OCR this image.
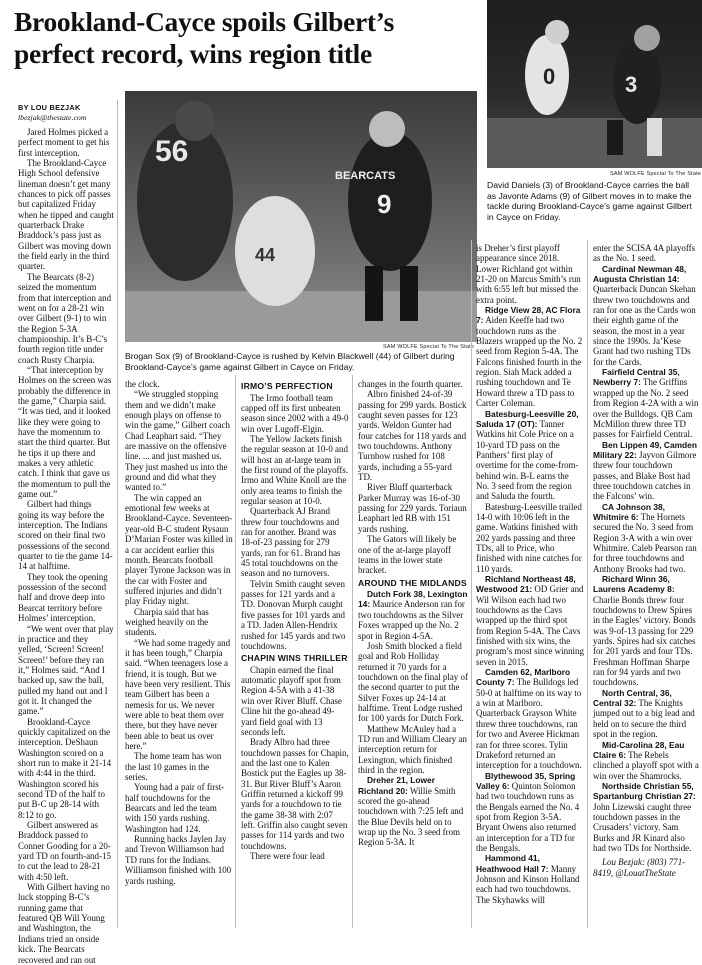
Brookland-Cayce spoils Gilbert’s perfect record, wins region title
0	3
SAM WOLFE Special To The State

David Daniels (3) of Brookland-Cayce carries the ball as Javonte Adams (9) of Gilbert moves in to make the tackle during Brookland-Cayce’s game against Gilbert in Cayce on Friday.

56
44
BEARCATS
9
SAM WOLFE Special To The State

Brogan Sox (9) of Brookland-Cayce is rushed by Kelvin Blackwell (44) of Gilbert during Brookland-Cayce’s game against Gilbert in Cayce on Friday.

BY LOU BEZJAK
lbezjak@thestate.com

Jared Holmes picked a perfect moment to get his first interception.

The Brookland-Cayce High School defensive lineman doesn’t get many chances to pick off passes but capitalized Friday when he tipped and caught quarterback Drake Braddock’s pass just as Gilbert was moving down the field early in the third quarter.

The Bearcats (8-2) seized the momentum from that interception and went on for a 28-21 win over Gilbert (9-1) to win the Region 5-3A championship. It’s B-C’s fourth region title under coach Rusty Charpia.

“That interception by Holmes on the screen was probably the difference in the game,” Charpia said. “It was tied, and it looked like they were going to have the momentum to start the third quarter. But he tips it up there and makes a very athletic catch. I think that gave us the momentum to pull the game out.”

Gilbert had things going its way before the interception. The Indians scored on their final two possessions of the second quarter to tie the game 14-14 at halftime.

They took the opening possession of the second half and drove deep into Bearcat territory before Holmes’ interception.

“We went over that play in practice and they yelled, ‘Screen! Screen! Screen!’ before they ran it,” Holmes said. “And I backed up, saw the ball, pulled my hand out and I got it. It changed the game.”

Brookland-Cayce quickly capitalized on the interception. DeShaun Washington scored on a short run to make it 21-14 with 4:44 in the third. Washington scored his second TD of the half to put B-C up 28-14 with 8:12 to go.

Gilbert answered as Braddock passed to Conner Gooding for a 20-yard TD on fourth-and-15 to cut the lead to 28-21 with 4:50 left.

With Gilbert having no luck stopping B-C’s running game that featured QB Will Young and Washington, the Indians tried an onside kick. The Bearcats recovered and ran out

the clock.

“We struggled stopping them and we didn’t make enough plays on offense to win the game,” Gilbert coach Chad Leaphart said. “They are massive on the offensive line. ... and just mashed us. They just mashed us into the ground and did what they wanted to.”

The win capped an emotional few weeks at Brookland-Cayce. Seventeen-year-old B-C student Rysaun D’Marian Foster was killed in a car accident earlier this month. Bearcats football player Tyrone Jackson was in the car with Foster and suffered injuries and didn’t play Friday night.

Charpia said that has weighed heavily on the students.

“We had some tragedy and it has been tough,” Charpia said. “When teenagers lose a friend, it is tough. But we have been very resilient. This team Gilbert has been a nemesis for us. We never were able to beat them over there, but they have never been able to beat us over here.”

The home team has won the last 10 games in the series.

Young had a pair of first-half touchdowns for the Bearcats and led the team with 150 yards rushing. Washington had 124.

Running backs Jaylen Jay and Trevon Williamson had TD runs for the Indians. Williamson finished with 100 yards rushing.

IRMO’S PERFECTION

The Irmo football team capped off its first unbeaten season since 2002 with a 49-0 win over Lugoff-Elgin.

The Yellow Jackets finish the regular season at 10-0 and will host an at-large team in the first round of the playoffs. Irmo and White Knoll are the only area teams to finish the regular season at 10-0.

Quarterback AJ Brand threw four touchdowns and ran for another. Brand was 18-of-23 passing for 279 yards, ran for 61. Brand has 45 total touchdowns on the season and no turnovers.

Telvin Smith caught seven passes for 121 yards and a TD. Donovan Murph caught five passes for 101 yards and a TD. Jaden Allen-Hendrix rushed for 145 yards and two touchdowns.

CHAPIN WINS THRILLER

Chapin earned the final automatic playoff spot from Region 4-5A with a 41-38 win over River Bluff. Chase Cline hit the go-ahead 49-yard field goal with 13 seconds left.

Brady Albro had three touchdown passes for Chapin, and the last one to Kalen Bostick put the Eagles up 38-31. But River Bluff’s Aaron Griffin returned a kickoff 99 yards for a touchdown to tie the game 38-38 with 2:07 left. Griffin also caught seven passes for 114 yards and two touchdowns.

There were four lead

changes in the fourth quarter.

Albro finished 24-of-39 passing for 299 yards. Bostick caught seven passes for 123 yards. Weldon Gunter had four catches for 118 yards and two touchdowns. Anthony Turnbow rushed for 108 yards, including a 55-yard TD.

River Bluff quarterback Parker Murray was 16-of-30 passing for 229 yards. Toriaun Leaphart led RB with 151 yards rushing.

The Gators will likely be one of the at-large playoff teams in the lower state bracket.

AROUND THE MIDLANDS

Dutch Fork 38, Lexington 14: Maurice Anderson ran for two touchdowns as the Silver Foxes wrapped up the No. 2 spot in Region 4-5A.

Josh Smith blocked a field goal and Rob Holliday returned it 70 yards for a touchdown on the final play of the second quarter to put the Silver Foxes up 24-14 at halftime. Trent Lodge rushed for 100 yards for Dutch Fork.

Matthew McAuley had a TD run and William Cleary an interception return for Lexington, which finished third in the region.

Dreher 21, Lower Richland 20: Willie Smith scored the go-ahead touchdown with 7:25 left and the Blue Devils held on to wrap up the No. 3 seed from Region 5-3A. It

is Dreher’s first playoff appearance since 2018. Lower Richland got within 21-20 on Marcus Smith’s run with 6:55 left but missed the extra point.

Ridge View 28, AC Flora 7: Aiden Keeffe had two touchdown runs as the Blazers wrapped up the No. 2 seed from Region 5-4A. The Falcons finished fourth in the region. Siah Mack added a rushing touchdown and Te Howard threw a TD pass to Carter Coleman.

Batesburg-Leesville 20, Saluda 17 (OT): Tanner Watkins hit Cole Price on a 10-yard TD pass on the Panthers’ first play of overtime for the come-from-behind win. B-L earns the No. 3 seed from the region and Saluda the fourth.

Batesburg-Leesville trailed 14-0 with 10:06 left in the game. Watkins finished with 202 yards passing and three TDs, all to Price, who finished with nine catches for 110 yards.

Richland Northeast 48, Westwood 21: OD Grier and Wil Wilson each had two touchdowns as the Cavs wrapped up the third spot from Region 5-4A. The Cavs finished with six wins, the program’s most since winning seven in 2015.

Camden 62, Marlboro County 7: The Bulldogs led 50-0 at halftime on its way to a win at Marlboro. Quarterback Grayson White threw three touchdowns, ran for two and Averee Hickman ran for three scores. Tylin Drakeford returned an interception for a touchdown.

Blythewood 35, Spring Valley 6: Quinton Solomon had two touchdown runs as the Bengals earned the No. 4 spot from Region 3-5A. Bryant Owens also returned an interception for a TD for the Bengals.

Hammond 41, Heathwood Hall 7: Manny Johnson and Kinson Holland each had two touchdowns. The Skyhawks will

enter the SCISA 4A playoffs as the No. 1 seed.

Cardinal Newman 48, Augusta Christian 14: Quarterback Duncan Skehan threw two touchdowns and ran for one as the Cards won their eighth game of the season, the most in a year since the 1990s. Ja’Kese Grant had two rushing TDs for the Cards.

Fairfield Central 35, Newberry 7: The Griffins wrapped up the No. 2 seed from Region 4-2A with a win over the Bulldogs. QB Cam McMillon threw three TD passes for Fairfield Central.

Ben Lippen 49, Camden Military 22: Jayvon Gilmore threw four touchdown passes, and Blake Bost had three touchdown catches in the Falcons’ win.

CA Johnson 38, Whitmire 6: The Hornets secured the No. 3 seed from Region 3-A with a win over Whitmire. Caleb Pearson ran for three touchdowns and Anthony Brooks had two.

Richard Winn 36, Laurens Academy 8: Charlie Bonds threw four touchdowns to Drew Spires in the Eagles’ victory. Bonds was 9-of-13 passing for 229 yards. Spires had six catches for 201 yards and four TDs. Freshman Hoffman Sharpe ran for 94 yards and two touchdowns.

North Central, 36, Central 32: The Knights jumped out to a big lead and held on to secure the third spot in the region.

Mid-Carolina 28, Eau Claire 6: The Rebels clinched a playoff spot with a win over the Shamrocks.

Northside Christian 55, Spartanburg Christian 27: John Lizewski caught three touchdown passes in the Crusaders’ victory. Sam Burks and JR Kinard also had two TDs for Northside.

Lou Bezjak: (803) 771-8419, @LouatTheState
